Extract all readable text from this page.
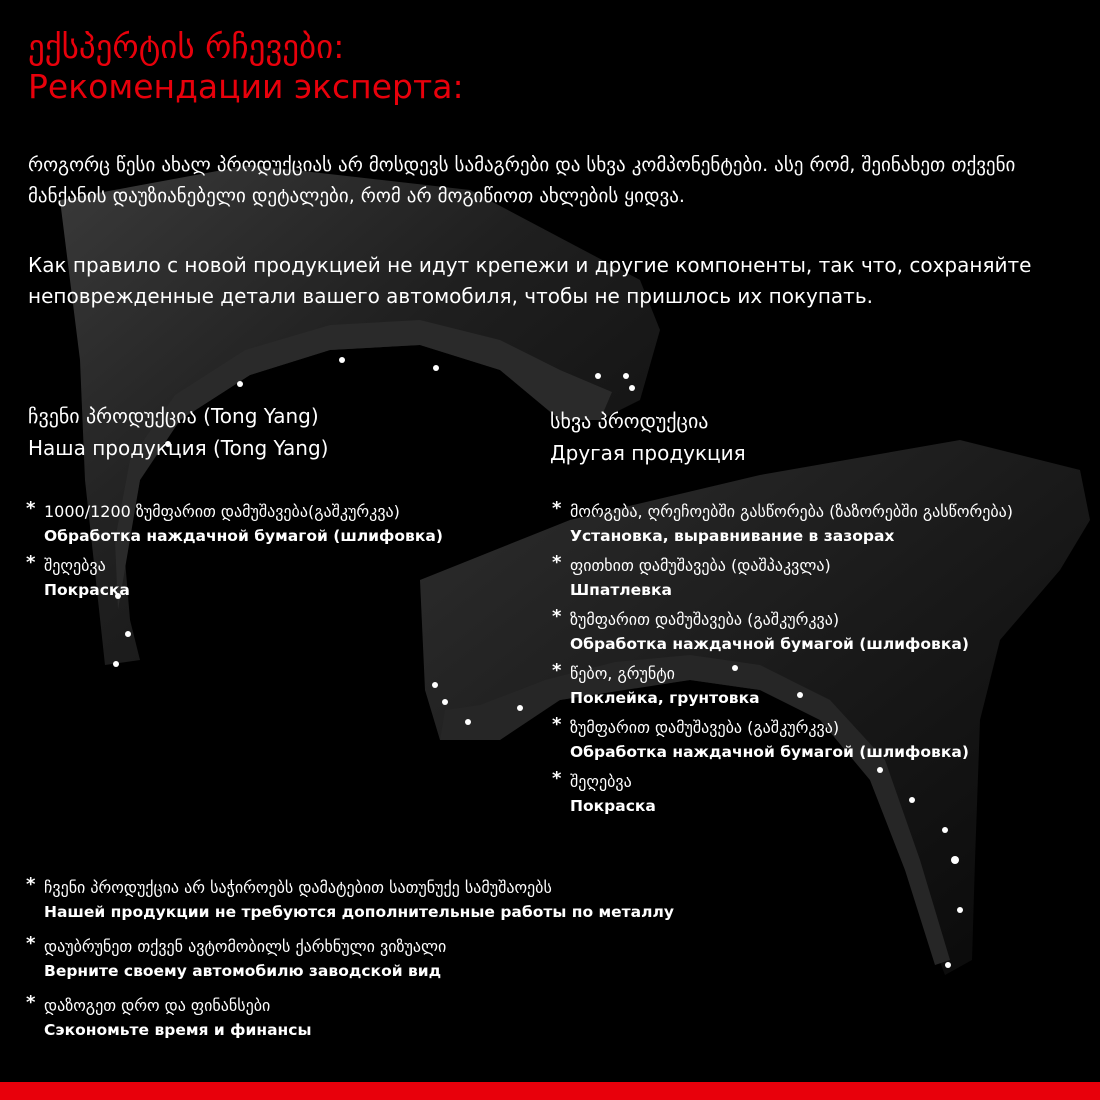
ექსპერტის რჩევები:
Рекомендации эксперта:
როგორც წესი ახალ პროდუქციას არ მოსდევს სამაგრები და სხვა კომპონენტები. ასე რომ, შეინახეთ თქვენი მანქანის დაუზიანებელი დეტალები, რომ არ მოგიწიოთ ახლების ყიდვა.
Как правило с новой продукцией не идут крепежи и другие компоненты, так что, сохраняйте неповрежденные детали вашего автомобиля, чтобы не пришлось их покупать.
ჩვენი პროდუქცია (Tong Yang)
Наша продукция (Tong Yang)
* 1000/1200 ზუმფარით დამუშავება(გაშკურკვა)
Обработка наждачной бумагой (шлифовка)
* შეღებვა
Покраска
სხვა პროდუქცია
Другая продукция
* მორგება, ღრეჩოებში გასწორება (ზაზორებში გასწორება)
Установка, выравнивание в зазорах
* ფითხით დამუშავება (დაშპაკვლა)
Шпатлевка
* ზუმფარით დამუშავება (გაშკურკვა)
Обработка наждачной бумагой (шлифовка)
* წებო, გრუნტი
Поклейка, грунтовка
* ზუმფარით დამუშავება (გაშკურკვა)
Обработка наждачной бумагой (шлифовка)
* შეღებვა
Покраска
* ჩვენი პროდუქცია არ საჭიროებს დამატებით სათუნუქე სამუშაოებს
Нашей продукции не требуются дополнительные работы по металлу
* დაუბრუნეთ თქვენ ავტომობილს ქარხნული ვიზუალი
Верните своему автомобилю заводской вид
* დაზოგეთ დრო და ფინანსები
Сэкономьте время и финансы
